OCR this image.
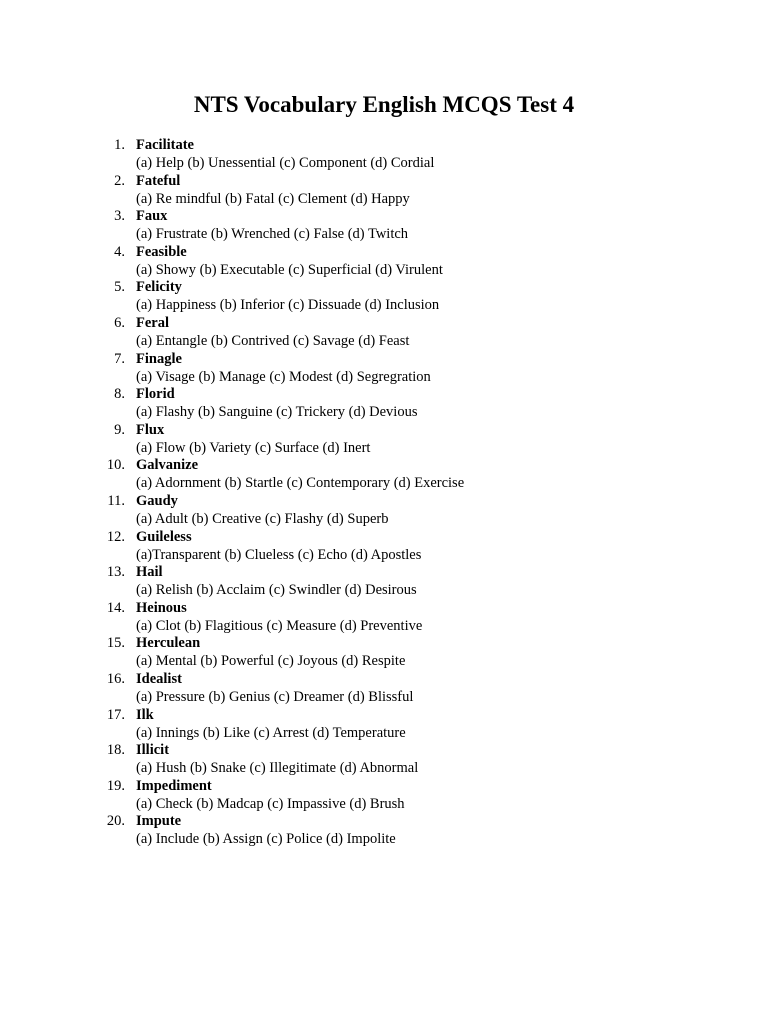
NTS Vocabulary English MCQS Test 4
1. Facilitate
(a) Help (b) Unessential (c) Component (d) Cordial
2. Fateful
(a) Re mindful (b) Fatal (c) Clement (d) Happy
3. Faux
(a) Frustrate (b) Wrenched (c) False (d) Twitch
4. Feasible
(a) Showy (b) Executable (c) Superficial (d) Virulent
5. Felicity
(a) Happiness (b) Inferior (c) Dissuade (d) Inclusion
6. Feral
(a) Entangle (b) Contrived (c) Savage (d) Feast
7. Finagle
(a) Visage (b) Manage (c) Modest (d) Segregration
8. Florid
(a) Flashy (b) Sanguine (c) Trickery (d) Devious
9. Flux
(a) Flow (b) Variety (c) Surface (d) Inert
10. Galvanize
(a) Adornment (b) Startle (c) Contemporary (d) Exercise
11. Gaudy
(a) Adult (b) Creative (c) Flashy (d) Superb
12. Guileless
(a)Transparent (b) Clueless (c) Echo (d) Apostles
13. Hail
(a) Relish (b) Acclaim (c) Swindler (d) Desirous
14. Heinous
(a) Clot (b) Flagitious (c) Measure (d) Preventive
15. Herculean
(a) Mental (b) Powerful (c) Joyous (d) Respite
16. Idealist
(a) Pressure (b) Genius (c) Dreamer (d) Blissful
17. Ilk
(a) Innings (b) Like (c) Arrest (d) Temperature
18. Illicit
(a) Hush (b) Snake (c) Illegitimate (d) Abnormal
19. Impediment
(a) Check (b) Madcap (c) Impassive (d) Brush
20. Impute
(a) Include (b) Assign (c) Police (d) Impolite
